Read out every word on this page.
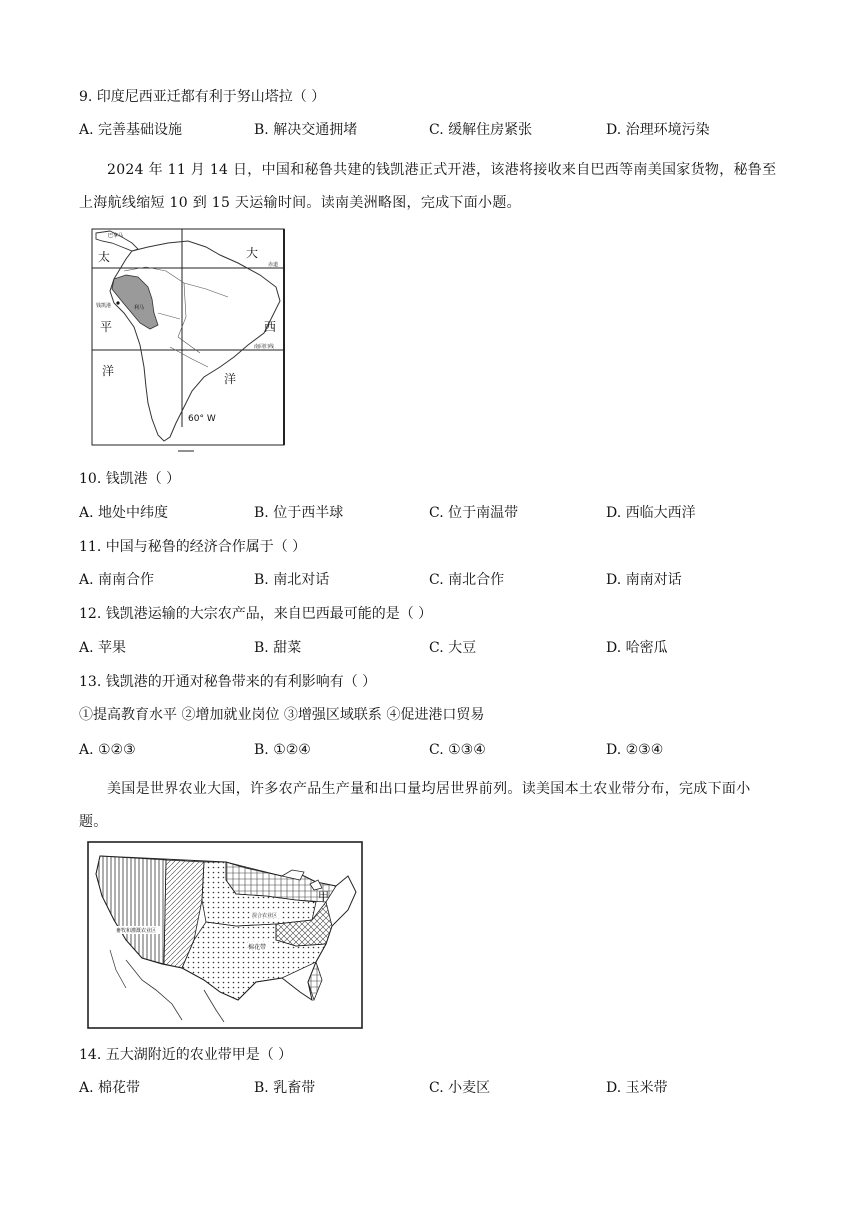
9. 印度尼西亚迁都有利于努山塔拉（ ）
A. 完善基础设施	B. 解决交通拥堵	C. 缓解住房紧张	D. 治理环境污染
2024 年 11 月 14 日，中国和秘鲁共建的钱凯港正式开港，该港将接收来自巴西等南美国家货物，秘鲁至上海航线缩短 10 到 15 天运输时间。读南美洲略图，完成下面小题。
太
平
洋
大
西
洋
赤道
南回归线
钱凯港	利马
巴拿马
60° W
10. 钱凯港（ ）
A. 地处中纬度	B. 位于西半球	C. 位于南温带	D. 西临大西洋
11. 中国与秘鲁的经济合作属于（ ）
A. 南南合作	B. 南北对话	C. 南北合作	D. 南南对话
12. 钱凯港运输的大宗农产品，来自巴西最可能的是（ ）
A. 苹果	B. 甜菜	C. 大豆	D. 哈密瓜
13. 钱凯港的开通对秘鲁带来的有利影响有（ ）
①提高教育水平 ②增加就业岗位 ③增强区域联系 ④促进港口贸易
A. ①②③	B. ①②④	C. ①③④	D. ②③④
美国是世界农业大国，许多农产品生产量和出口量均居世界前列。读美国本土农业带分布，完成下面小题。
甲
棉花带
混合农业区
畜牧和灌溉农业区
14. 五大湖附近的农业带甲是（ ）
A. 棉花带	B. 乳畜带	C. 小麦区	D. 玉米带
